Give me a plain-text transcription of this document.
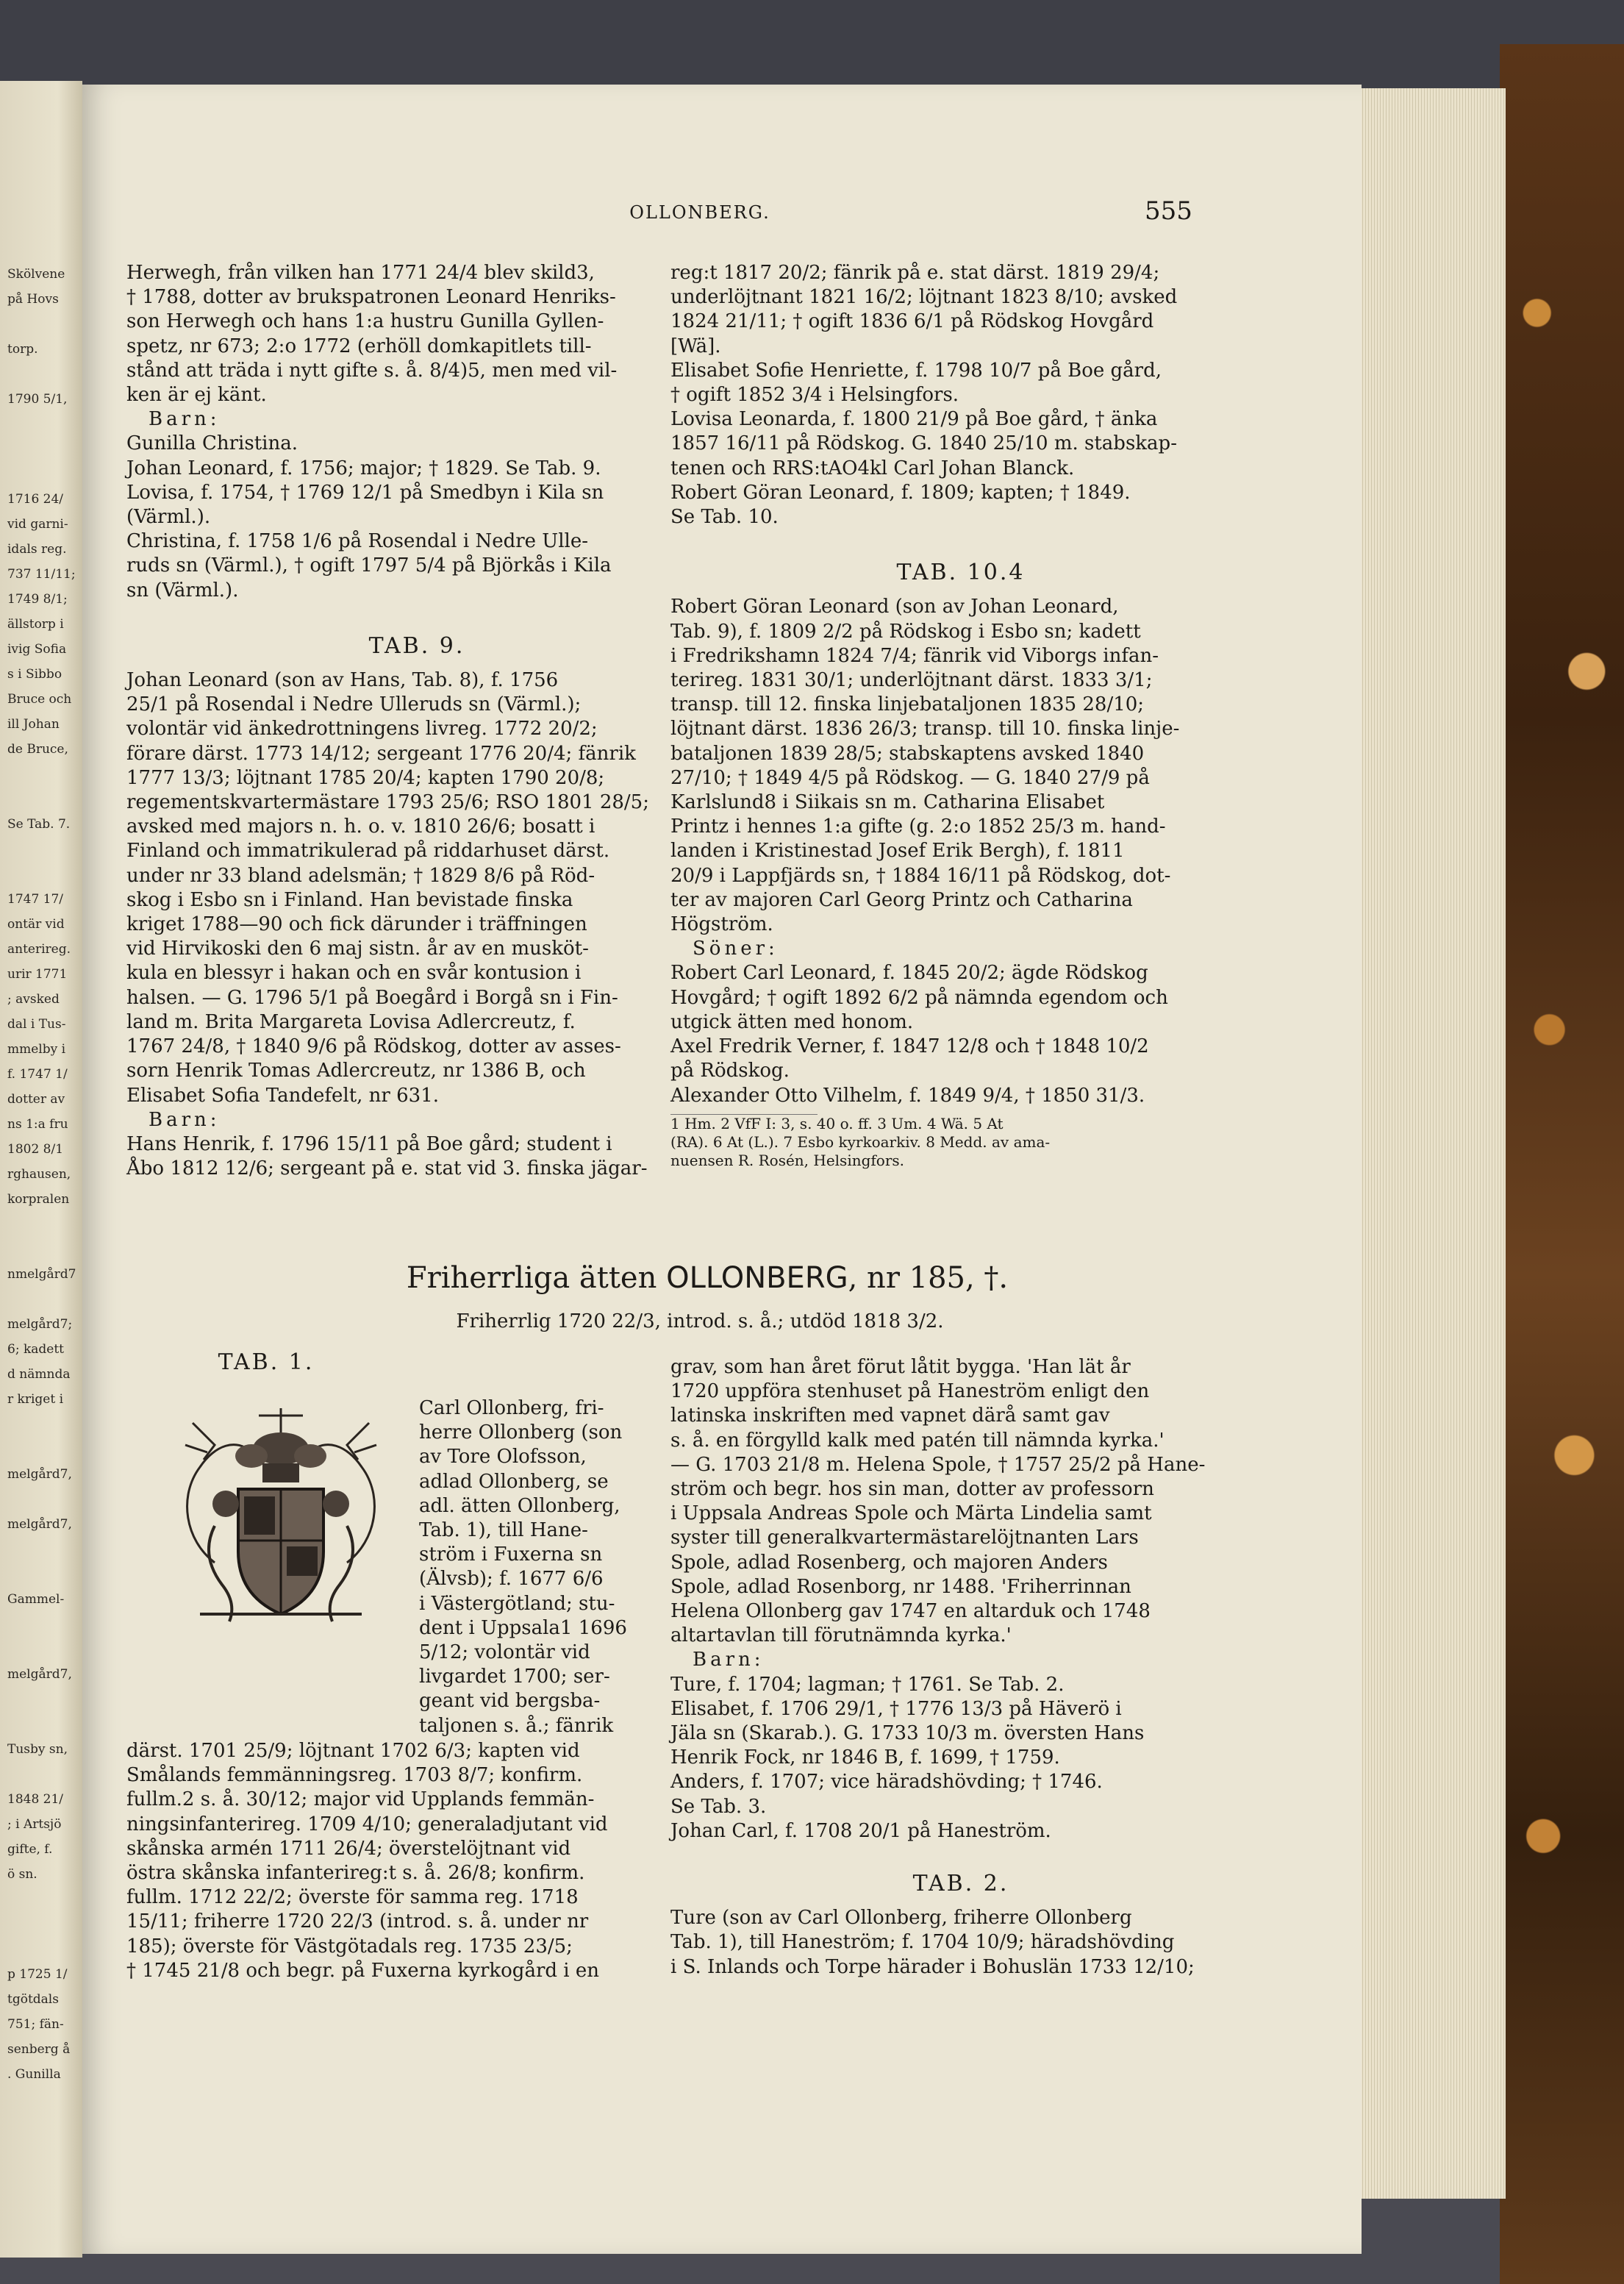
Skölvene
på Hovs
torp.
1790 5/1,
1716 24/
vid garni-
idals reg.
737 11/11;
1749 8/1;
ällstorp i
ivig Sofia
s i Sibbo
Bruce och
ill Johan
de Bruce,
Se Tab. 7.
1747 17/
ontär vid
anterireg.
urir 1771
; avsked
dal i Tus-
mmelby i
f. 1747 1/
dotter av
ns 1:a fru
1802 8/1
rghausen,
korpralen
nmelgård7
melgård7;
6; kadett
d nämnda
r kriget i
melgård7,
melgård7,
Gammel-
melgård7,
Tusby sn,
1848 21/
; i Artsjö
gifte, f.
ö sn.
p 1725 1/
tgötdals
751; fän-
senberg å
. Gunilla
OLLONBERG.	555
Herwegh, från vilken han 1771 24/4 blev skild3,
† 1788, dotter av brukspatronen Leonard Henriks-
son Herwegh och hans 1:a hustru Gunilla Gyllen-
spetz, nr 673; 2:o 1772 (erhöll domkapitlets till-
stånd att träda i nytt gifte s. å. 8/4)5, men med vil-
ken är ej känt.
Barn:
Gunilla Christina.
Johan Leonard, f. 1756; major; † 1829. Se Tab. 9.
Lovisa, f. 1754, † 1769 12/1 på Smedbyn i Kila sn
(Värml.).
Christina, f. 1758 1/6 på Rosendal i Nedre Ulle-
ruds sn (Värml.), † ogift 1797 5/4 på Björkås i Kila
sn (Värml.).

TAB. 9.

Johan Leonard (son av Hans, Tab. 8), f. 1756
25/1 på Rosendal i Nedre Ulleruds sn (Värml.);
volontär vid änkedrottningens livreg. 1772 20/2;
förare därst. 1773 14/12; sergeant 1776 20/4; fänrik
1777 13/3; löjtnant 1785 20/4; kapten 1790 20/8;
regementskvartermästare 1793 25/6; RSO 1801 28/5;
avsked med majors n. h. o. v. 1810 26/6; bosatt i
Finland och immatrikulerad på riddarhuset därst.
under nr 33 bland adelsmän; † 1829 8/6 på Röd-
skog i Esbo sn i Finland. Han bevistade finska
kriget 1788—90 och fick därunder i träffningen
vid Hirvikoski den 6 maj sistn. år av en musköt-
kula en blessyr i hakan och en svår kontusion i
halsen. — G. 1796 5/1 på Boegård i Borgå sn i Fin-
land m. Brita Margareta Lovisa Adlercreutz, f.
1767 24/8, † 1840 9/6 på Rödskog, dotter av asses-
sorn Henrik Tomas Adlercreutz, nr 1386 B, och
Elisabet Sofia Tandefelt, nr 631.
Barn:
Hans Henrik, f. 1796 15/11 på Boe gård; student i
Åbo 1812 12/6; sergeant på e. stat vid 3. finska jägar-
reg:t 1817 20/2; fänrik på e. stat därst. 1819 29/4;
underlöjtnant 1821 16/2; löjtnant 1823 8/10; avsked
1824 21/11; † ogift 1836 6/1 på Rödskog Hovgård
[Wä].
Elisabet Sofie Henriette, f. 1798 10/7 på Boe gård,
† ogift 1852 3/4 i Helsingfors.
Lovisa Leonarda, f. 1800 21/9 på Boe gård, † änka
1857 16/11 på Rödskog. G. 1840 25/10 m. stabskap-
tenen och RRS:tAO4kl Carl Johan Blanck.
Robert Göran Leonard, f. 1809; kapten; † 1849.
Se Tab. 10.

TAB. 10.4

Robert Göran Leonard (son av Johan Leonard,
Tab. 9), f. 1809 2/2 på Rödskog i Esbo sn; kadett
i Fredrikshamn 1824 7/4; fänrik vid Viborgs infan-
terireg. 1831 30/1; underlöjtnant därst. 1833 3/1;
transp. till 12. finska linjebataljonen 1835 28/10;
löjtnant därst. 1836 26/3; transp. till 10. finska linje-
bataljonen 1839 28/5; stabskaptens avsked 1840
27/10; † 1849 4/5 på Rödskog. — G. 1840 27/9 på
Karlslund8 i Siikais sn m. Catharina Elisabet
Printz i hennes 1:a gifte (g. 2:o 1852 25/3 m. hand-
landen i Kristinestad Josef Erik Bergh), f. 1811
20/9 i Lappfjärds sn, † 1884 16/11 på Rödskog, dot-
ter av majoren Carl Georg Printz och Catharina
Högström.
Söner:
Robert Carl Leonard, f. 1845 20/2; ägde Rödskog
Hovgård; † ogift 1892 6/2 på nämnda egendom och
utgick ätten med honom.
Axel Fredrik Verner, f. 1847 12/8 och † 1848 10/2
på Rödskog.
Alexander Otto Vilhelm, f. 1849 9/4, † 1850 31/3.
1 Hm. 2 VfF I: 3, s. 40 o. ff. 3 Um. 4 Wä. 5 At
(RA). 6 At (L.). 7 Esbo kyrkoarkiv. 8 Medd. av ama-
nuensen R. Rosén, Helsingfors.
Friherrliga ätten OLLONBERG, nr 185, †.
Friherrlig 1720 22/3, introd. s. å.; utdöd 1818 3/2.

TAB. 1.

Carl Ollonberg, fri-
herre Ollonberg (son
av Tore Olofsson,
adlad Ollonberg, se
adl. ätten Ollonberg,
Tab. 1), till Hane-
ström i Fuxerna sn
(Älvsb); f. 1677 6/6
i Västergötland; stu-
dent i Uppsala1 1696
5/12; volontär vid
livgardet 1700; ser-
geant vid bergsba-
taljonen s. å.; fänrik
därst. 1701 25/9; löjtnant 1702 6/3; kapten vid
Smålands femmänningsreg. 1703 8/7; konfirm.
fullm.2 s. å. 30/12; major vid Upplands femmän-
ningsinfanterireg. 1709 4/10; generaladjutant vid
skånska armén 1711 26/4; överstelöjtnant vid
östra skånska infanterireg:t s. å. 26/8; konfirm.
fullm. 1712 22/2; överste för samma reg. 1718
15/11; friherre 1720 22/3 (introd. s. å. under nr
185); överste för Västgötadals reg. 1735 23/5;
† 1745 21/8 och begr. på Fuxerna kyrkogård i en
grav, som han året förut låtit bygga. 'Han lät år
1720 uppföra stenhuset på Haneström enligt den
latinska inskriften med vapnet därå samt gav
s. å. en förgylld kalk med patén till nämnda kyrka.'
— G. 1703 21/8 m. Helena Spole, † 1757 25/2 på Hane-
ström och begr. hos sin man, dotter av professorn
i Uppsala Andreas Spole och Märta Lindelia samt
syster till generalkvartermästarelöjtnanten Lars
Spole, adlad Rosenberg, och majoren Anders
Spole, adlad Rosenborg, nr 1488. 'Friherrinnan
Helena Ollonberg gav 1747 en altarduk och 1748
altartavlan till förutnämnda kyrka.'
Barn:
Ture, f. 1704; lagman; † 1761. Se Tab. 2.
Elisabet, f. 1706 29/1, † 1776 13/3 på Häverö i
Jäla sn (Skarab.). G. 1733 10/3 m. översten Hans
Henrik Fock, nr 1846 B, f. 1699, † 1759.
Anders, f. 1707; vice häradshövding; † 1746.
Se Tab. 3.
Johan Carl, f. 1708 20/1 på Haneström.

TAB. 2.

Ture (son av Carl Ollonberg, friherre Ollonberg
Tab. 1), till Haneström; f. 1704 10/9; häradshövding
i S. Inlands och Torpe härader i Bohuslän 1733 12/10;
